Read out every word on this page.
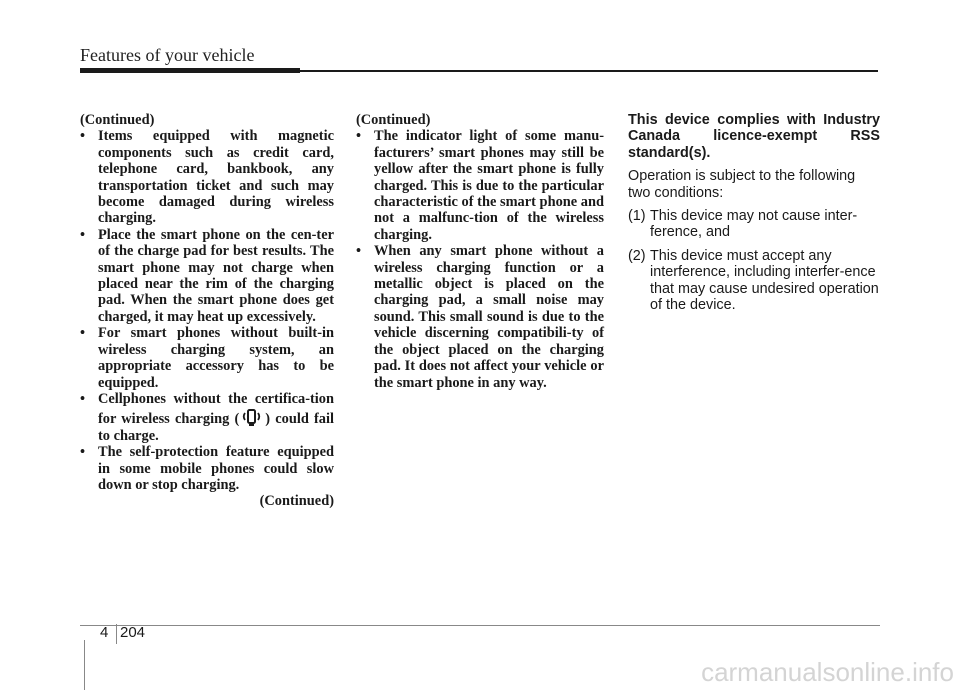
Features of your vehicle
(Continued)
• Items equipped with magnetic components such as credit card, telephone card, bankbook, any transportation ticket and such may become damaged during wireless charging.
• Place the smart phone on the cen-ter of the charge pad for best results. The smart phone may not charge when placed near the rim of the charging pad. When the smart phone does get charged, it may heat up excessively.
• For smart phones without built-in wireless charging system, an appropriate accessory has to be equipped.
• Cellphones without the certifica-tion for wireless charging ( ) could fail to charge.
• The self-protection feature equipped in some mobile phones could slow down or stop charging.
(Continued)
(Continued)
• The indicator light of some manu-facturers’ smart phones may still be yellow after the smart phone is fully charged. This is due to the particular characteristic of the smart phone and not a malfunc-tion of the wireless charging.
• When any smart phone without a wireless charging function or a metallic object is placed on the charging pad, a small noise may sound. This small sound is due to the vehicle discerning compatibili-ty of the object placed on the charging pad. It does not affect your vehicle or the smart phone in any way.
This device complies with Industry Canada licence-exempt RSS standard(s).
Operation is subject to the following two conditions:
(1) This device may not cause inter-ference, and
(2) This device must accept any interference, including interfer-ence that may cause undesired operation of the device.
4 204
carmanualsonline.info
